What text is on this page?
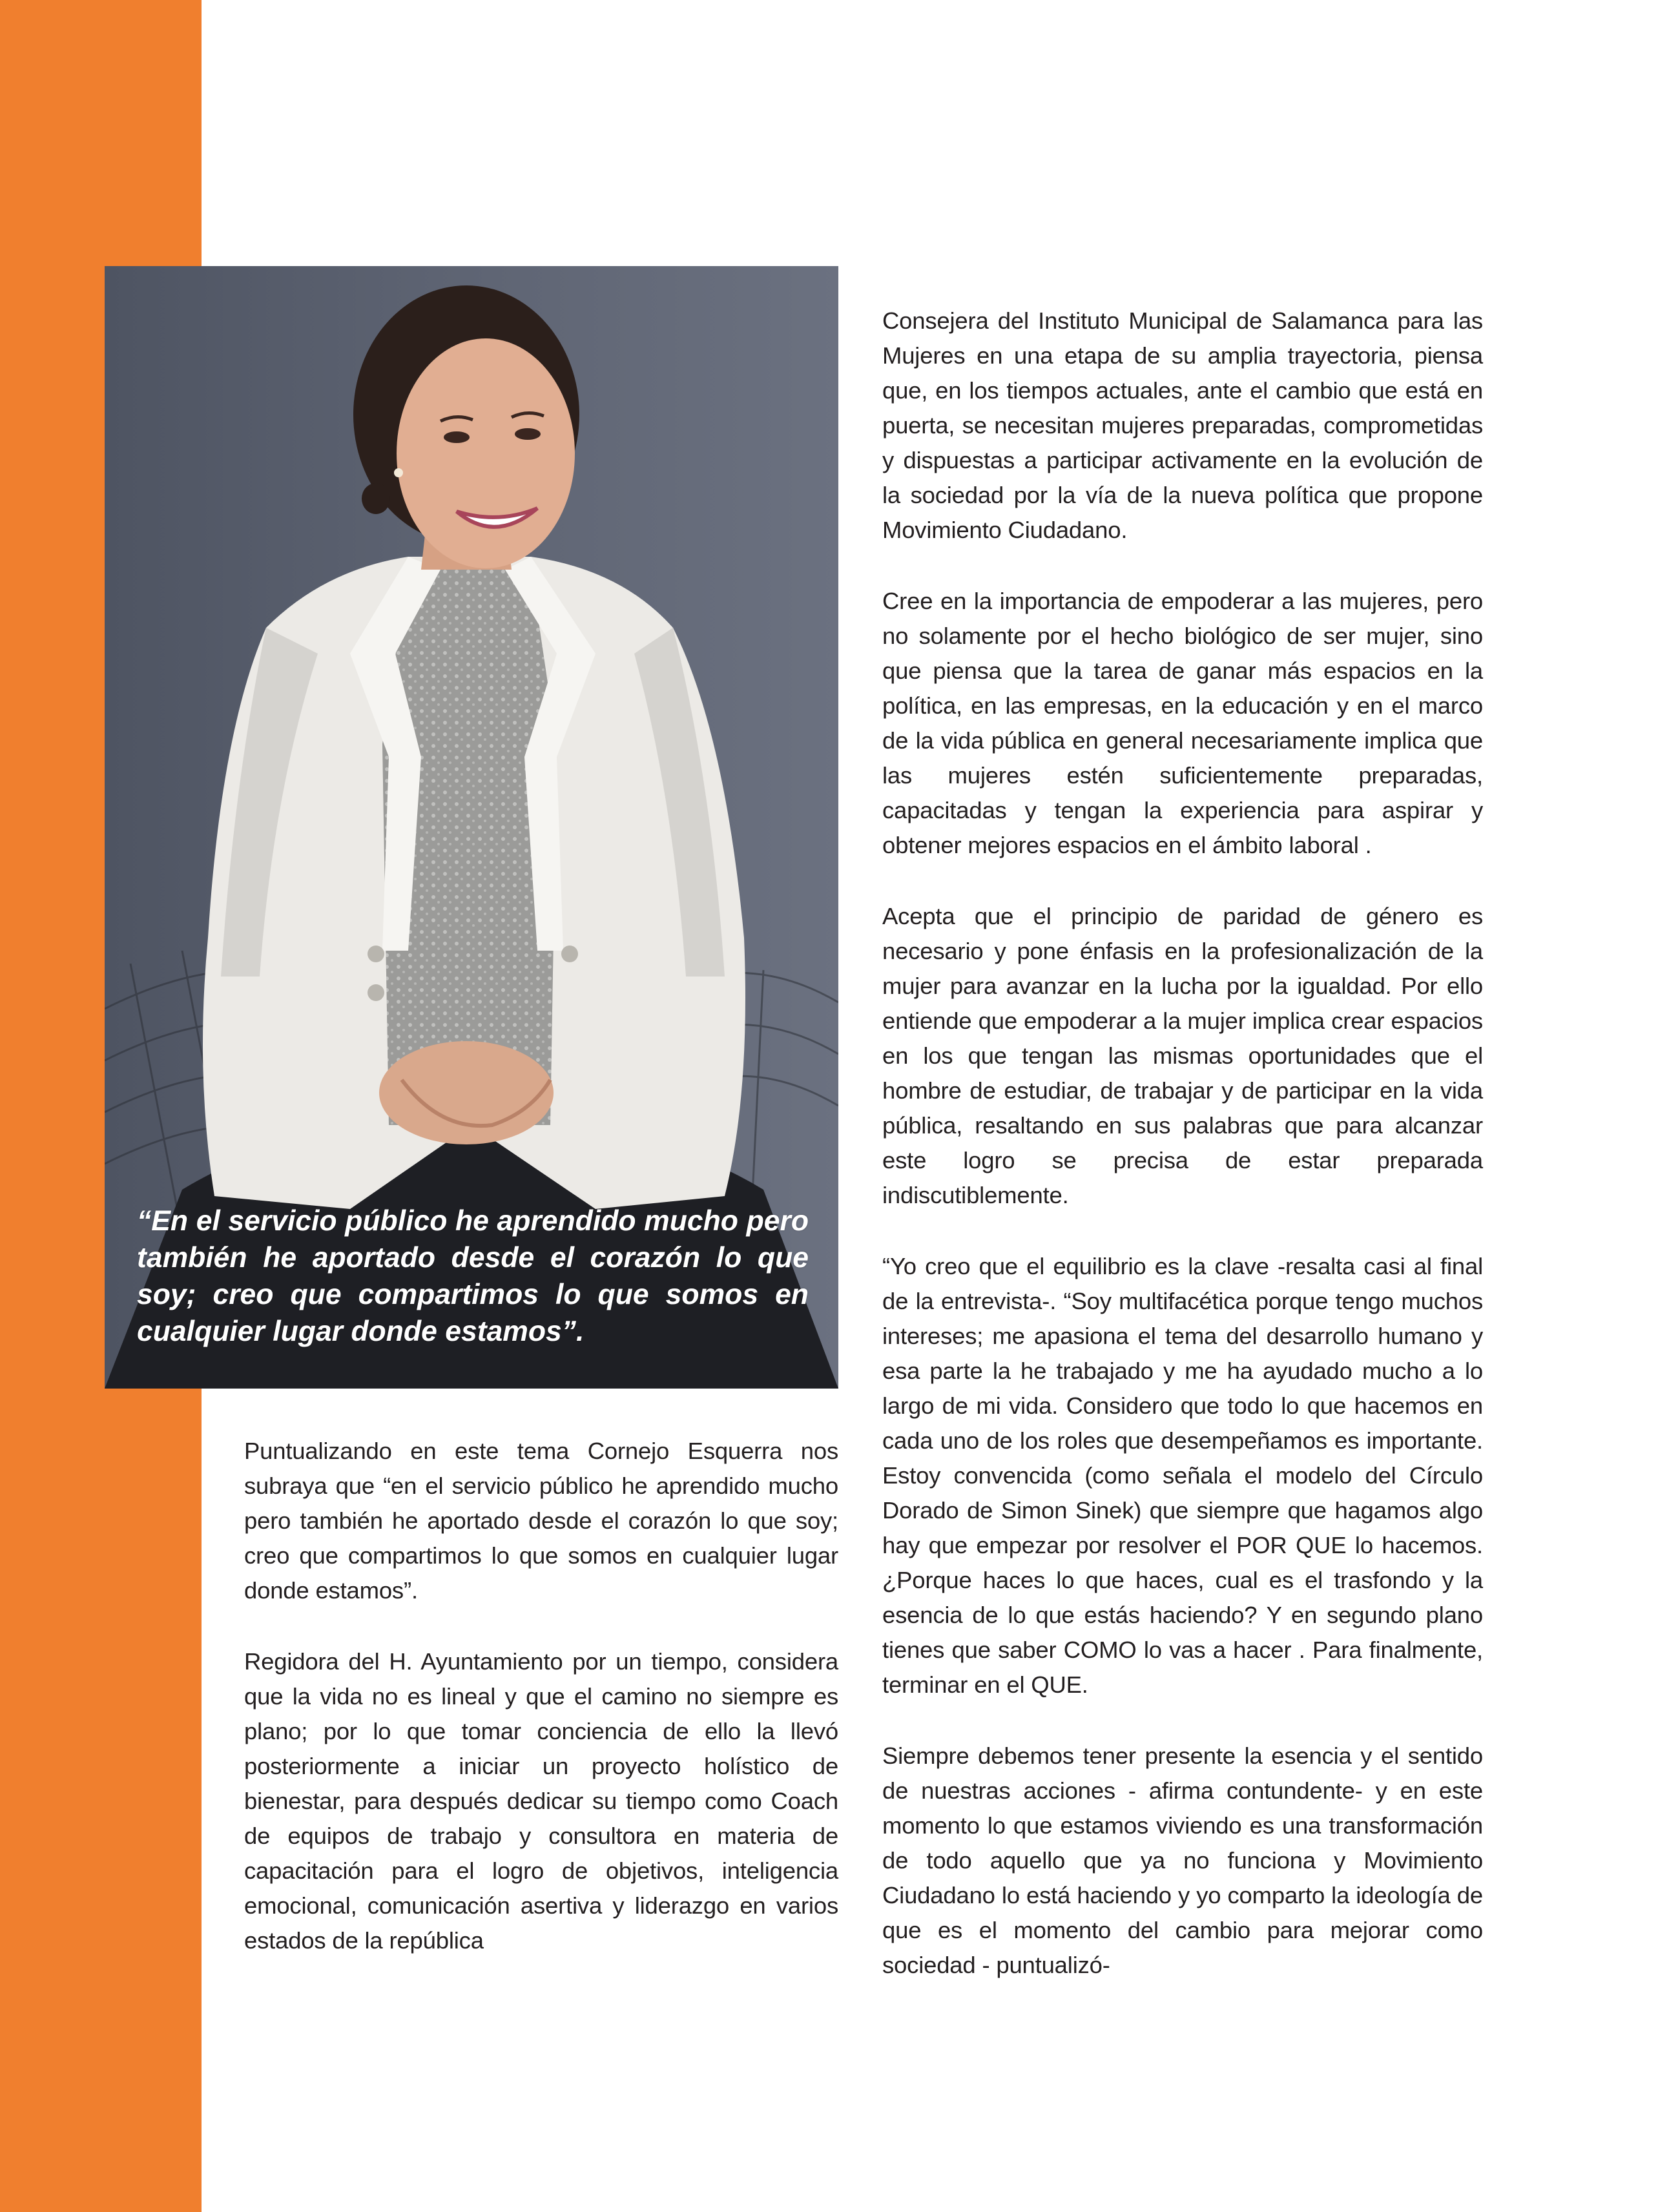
“En el servicio público he aprendido mucho pero también he aportado desde el corazón lo que soy; creo que compartimos lo que somos en cualquier lugar donde estamos”.

Puntualizando en este tema Cornejo Esquerra nos subraya que “en el servicio público he aprendido mucho pero también he aportado desde el corazón lo que soy; creo que compartimos lo que somos en cualquier lugar donde estamos”.

Regidora del H. Ayuntamiento por un tiempo, considera que la vida no es lineal y que el camino no siempre es plano; por lo que tomar conciencia de ello la llevó posteriormente a iniciar un proyecto holístico de bienestar, para después dedicar su tiempo como Coach de equipos de trabajo y consultora en materia de capacitación para el logro de objetivos, inteligencia emocional, comunicación asertiva y liderazgo en varios estados de la república

Consejera del Instituto Municipal de Salamanca para las Mujeres en una etapa de su amplia trayectoria, piensa que, en los tiempos actuales, ante el cambio que está en puerta, se necesitan mujeres preparadas, comprometidas y dispuestas a participar activamente en la evolución de la sociedad por la vía de la nueva política que propone Movimiento Ciudadano.

Cree en la importancia de empoderar a las mujeres, pero no solamente por el hecho biológico de ser mujer, sino que piensa que la tarea de ganar más espacios en la política, en las empresas, en la educación y en el marco de la vida pública en general necesariamente implica que las mujeres estén suficientemente preparadas, capacitadas y tengan la experiencia para aspirar y obtener mejores espacios en el ámbito laboral .

Acepta que el principio de paridad de género es necesario y pone énfasis en la profesionalización de la mujer para avanzar en la lucha por la igualdad. Por ello entiende que empoderar a la mujer implica crear espacios en los que tengan las mismas oportunidades que el hombre de estudiar, de trabajar y de participar en la vida pública, resaltando en sus palabras que para alcanzar este logro se precisa de estar preparada indiscutiblemente.

“Yo creo que el equilibrio es la clave -resalta casi al final de la entrevista-. “Soy multifacética porque tengo muchos intereses; me apasiona el tema del desarrollo humano y esa parte la he trabajado y me ha ayudado mucho a lo largo de mi vida. Considero que todo lo que hacemos en cada uno de los roles que desempeñamos es importante. Estoy convencida (como señala el modelo del Círculo Dorado de Simon Sinek) que siempre que hagamos algo hay que empezar por resolver el POR QUE lo hacemos. ¿Porque haces lo que haces, cual es el trasfondo y la esencia de lo que estás haciendo? Y en segundo plano tienes que saber COMO lo vas a hacer . Para finalmente, terminar en el QUE.

Siempre debemos tener presente la esencia y el sentido de nuestras acciones - afirma contundente- y en este momento lo que estamos viviendo es una transformación de todo aquello que ya no funciona y Movimiento Ciudadano lo está haciendo y yo comparto la ideología de que es el momento del cambio para mejorar como sociedad - puntualizó-
